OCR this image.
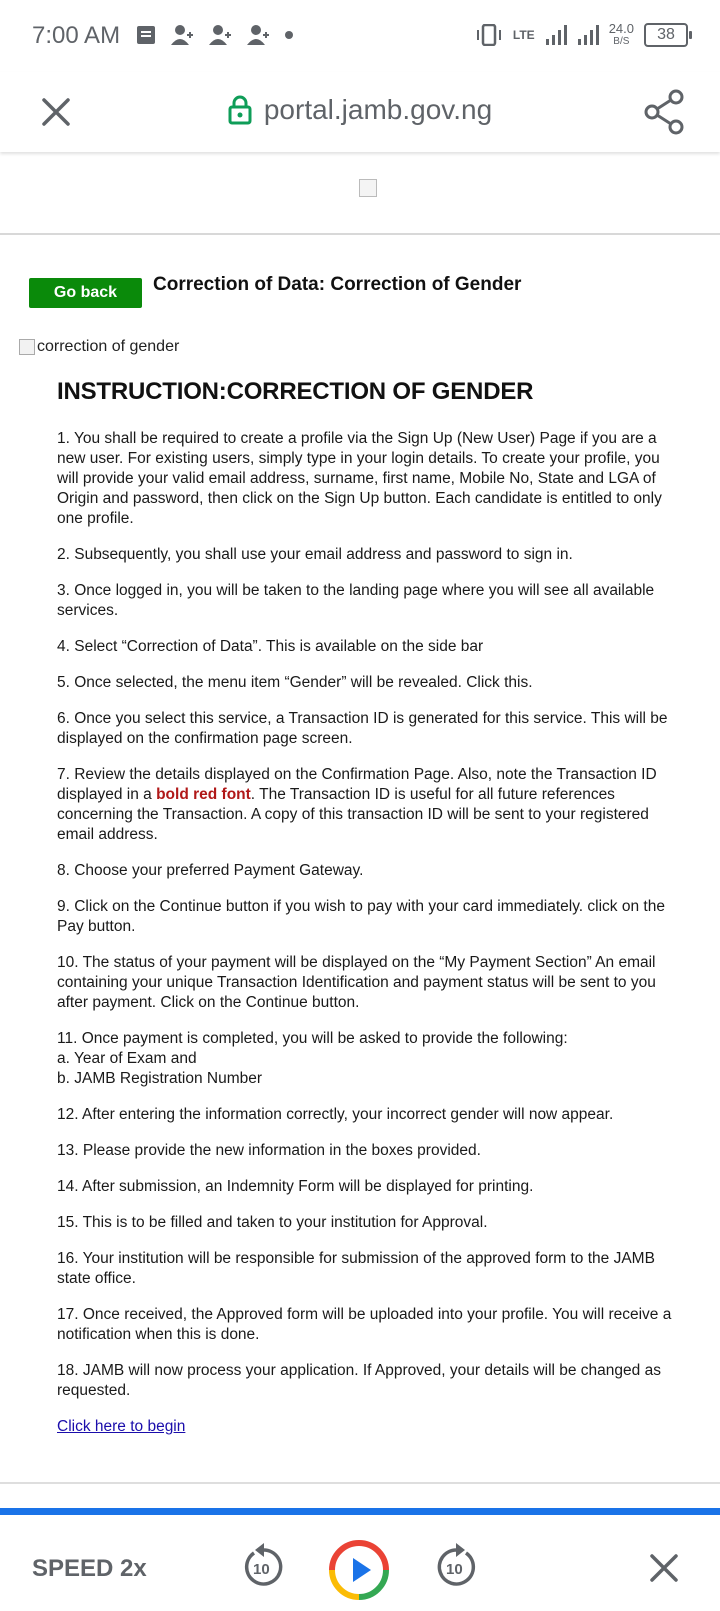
7:00 AM	LTE	24.0
B/S	38
portal.jamb.gov.ng
Go back	Correction of Data: Correction of Gender
correction of gender
INSTRUCTION:CORRECTION OF GENDER
1. You shall be required to create a profile via the Sign Up (New User) Page if you are a new user. For existing users, simply type in your login details. To create your profile, you will provide your valid email address, surname, first name, Mobile No, State and LGA of Origin and password, then click on the Sign Up button. Each candidate is entitled to only one profile.
2. Subsequently, you shall use your email address and password to sign in.
3. Once logged in, you will be taken to the landing page where you will see all available services.
4. Select “Correction of Data”. This is available on the side bar
5. Once selected, the menu item “Gender” will be revealed. Click this.
6. Once you select this service, a Transaction ID is generated for this service. This will be displayed on the confirmation page screen.
7. Review the details displayed on the Confirmation Page. Also, note the Transaction ID displayed in a bold red font. The Transaction ID is useful for all future references concerning the Transaction. A copy of this transaction ID will be sent to your registered email address.
8. Choose your preferred Payment Gateway.
9. Click on the Continue button if you wish to pay with your card immediately. click on the Pay button.
10. The status of your payment will be displayed on the “My Payment Section” An email containing your unique Transaction Identification and payment status will be sent to you after payment. Click on the Continue button.
11. Once payment is completed, you will be asked to provide the following:
a. Year of Exam and
b. JAMB Registration Number
12. After entering the information correctly, your incorrect gender will now appear.
13. Please provide the new information in the boxes provided.
14. After submission, an Indemnity Form will be displayed for printing.
15. This is to be filled and taken to your institution for Approval.
16. Your institution will be responsible for submission of the approved form to the JAMB state office.
17. Once received, the Approved form will be uploaded into your profile. You will receive a notification when this is done.
18. JAMB will now process your application. If Approved, your details will be changed as requested.
Click here to begin
SPEED 2x	10	10
